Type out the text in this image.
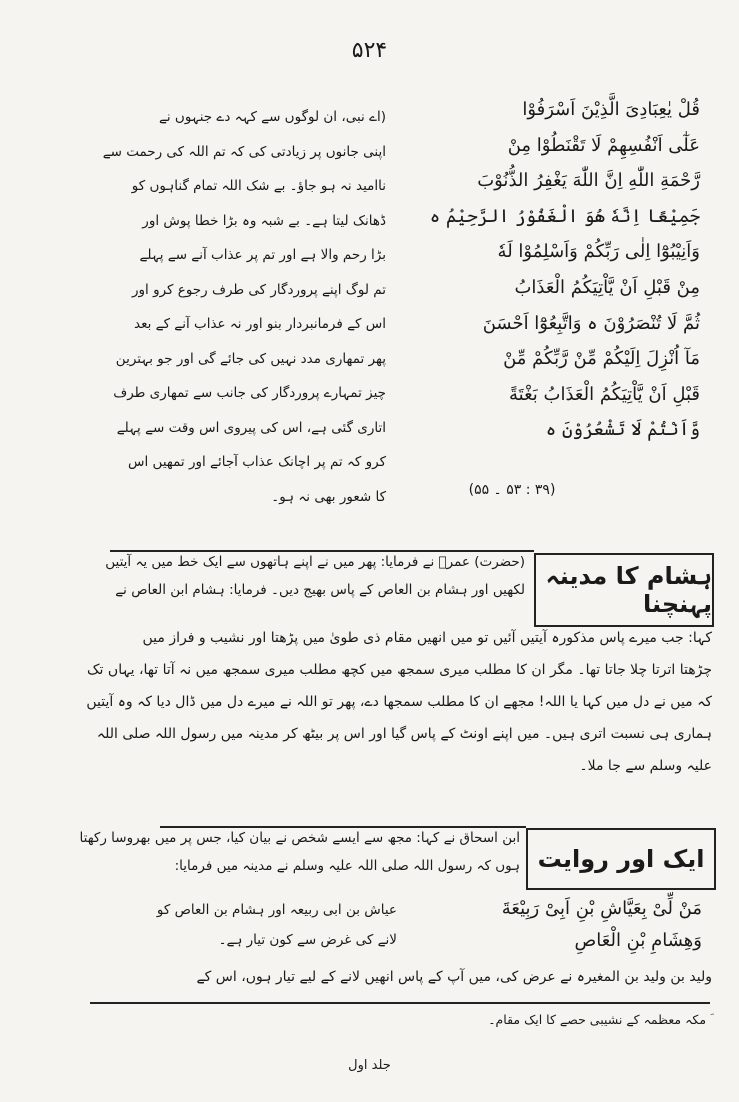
۵۲۴
قُلْ یٰعِبَادِیَ الَّذِیْنَ اَسْرَفُوْا
عَلٰٓی اَنْفُسِهِمْ لَا تَقْنَطُوْا مِنْ
رَّحْمَةِ اللّٰهِ اِنَّ اللّٰهَ یَغْفِرُ الذُّنُوْبَ
جَمِیْعًا اِنَّهٗ هُوَ الْغَفُوْرُ الرَّحِیْمُ ہ
وَاَنِیْبُوْٓا اِلٰی رَبِّكُمْ وَاَسْلِمُوْا لَهٗ
مِنْ قَبْلِ اَنْ یَّاْتِیَكُمُ الْعَذَابُ
ثُمَّ لَا تُنْصَرُوْنَ ہ وَاتَّبِعُوْٓا اَحْسَنَ
مَآ اُنْزِلَ اِلَیْكُمْ مِّنْ رَّبِّكُمْ مِّنْ
قَبْلِ اَنْ یَّاْتِیَكُمُ الْعَذَابُ بَغْتَةً
وَّاَنْتُمْ لَا تَشْعُرُوْنَ ہ
(۳۹ : ۵۳ ۔ ۵۵)
(اے نبی، ان لوگوں سے کہہ دے جنہوں نے
اپنی جانوں پر زیادتی کی کہ تم اللہ کی رحمت سے
ناامید نہ ہو جاؤ۔ بے شک اللہ تمام گناہوں کو
ڈھانک لیتا ہے۔ بے شبہ وہ بڑا خطا پوش اور
بڑا رحم والا ہے اور تم پر عذاب آنے سے پہلے
تم لوگ اپنے پروردگار کی طرف رجوع کرو اور
اس کے فرمانبردار بنو اور نہ عذاب آنے کے بعد
پھر تمھاری مدد نہیں کی جائے گی اور جو بہترین
چیز تمہارے پروردگار کی جانب سے تمھاری طرف
اتاری گئی ہے، اس کی پیروی اس وقت سے پہلے
کرو کہ تم پر اچانک عذاب آجائے اور تمھیں اس
کا شعور بھی نہ ہو۔
ہشام کا مدینہ پہنچنا
(حضرت) عمرؓ نے فرمایا: پھر میں نے اپنے ہاتھوں سے ایک خط میں یہ آیتیں
لکھیں اور ہشام بن العاص کے پاس بھیج دیں۔ فرمایا: ہشام ابن العاص نے
کہا: جب میرے پاس مذکورہ آیتیں آئیں تو میں انھیں مقام ذی طویٰ میں پڑھتا اور نشیب و فراز میں
چڑھتا اترتا چلا جاتا تھا۔ مگر ان کا مطلب میری سمجھ میں کچھ مطلب میری سمجھ میں نہ آتا تھا، یہاں تک
کہ میں نے دل میں کہا یا اللہ! مجھے ان کا مطلب سمجھا دے، پھر تو اللہ نے میرے دل میں ڈال دیا کہ وہ آیتیں
ہماری ہی نسبت اتری ہیں۔ میں اپنے اونٹ کے پاس گیا اور اس پر بیٹھ کر مدینہ میں رسول اللہ صلی اللہ
علیہ وسلم سے جا ملا۔
ایک اور روایت
ابن اسحاق نے کہا: مجھ سے ایسے شخص نے بیان کیا، جس پر میں بھروسا رکھتا
ہوں کہ رسول اللہ صلی اللہ علیہ وسلم نے مدینہ میں فرمایا:
مَنْ لِّیْ بِعَیَّاشِ بْنِ اَبِیْ رَبِیْعَةَ
وَهِشَامِ بْنِ الْعَاصِ
عیاش بن ابی ربیعہ اور ہشام بن العاص کو
لانے کی غرض سے کون تیار ہے۔
ولید بن ولید بن المغیرہ نے عرض کی، میں آپ کے پاس انھیں لانے کے لیے تیار ہوں، اس کے
ؔ مکہ معظمہ کے نشیبی حصے کا ایک مقام۔
جلد اول
